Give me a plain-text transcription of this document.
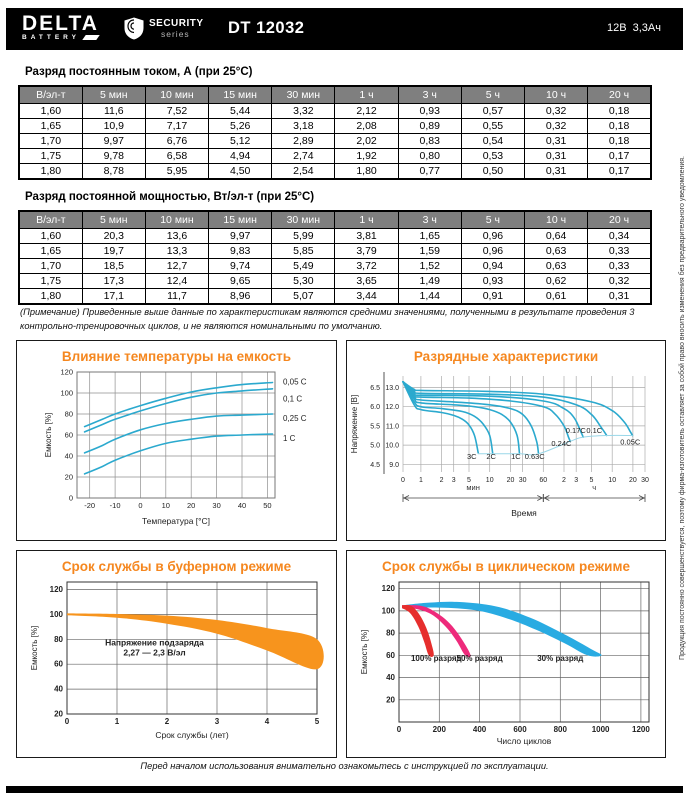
DELTA
BATTERY
SECURITY
series	DT 12032	12В  3,3Ач
Разряд постоянным током, А (при 25°C)
В/эл-т	5 мин	10 мин	15 мин	30 мин	1 ч	3 ч	5 ч	10 ч	20 ч
1,60	11,6	7,52	5,44	3,32	2,12	0,93	0,57	0,32	0,18
1,65	10,9	7,17	5,26	3,18	2,08	0,89	0,55	0,32	0,18
1,70	9,97	6,76	5,12	2,89	2,02	0,83	0,54	0,31	0,18
1,75	9,78	6,58	4,94	2,74	1,92	0,80	0,53	0,31	0,17
1,80	8,78	5,95	4,50	2,54	1,80	0,77	0,50	0,31	0,17
Разряд постоянной мощностью, Вт/эл-т (при 25°C)
В/эл-т	5 мин	10 мин	15 мин	30 мин	1 ч	3 ч	5 ч	10 ч	20 ч
1,60	20,3	13,6	9,97	5,99	3,81	1,65	0,96	0,64	0,34
1,65	19,7	13,3	9,83	5,85	3,79	1,59	0,96	0,63	0,33
1,70	18,5	12,7	9,74	5,49	3,72	1,52	0,94	0,63	0,33
1,75	17,3	12,4	9,65	5,30	3,65	1,49	0,93	0,62	0,32
1,80	17,1	11,7	8,96	5,07	3,44	1,44	0,91	0,61	0,31
(Примечание) Приведенные выше данные по характеристикам являются средними значениями, полученными в результате проведения 3 контрольно-тренировочных циклов, и не являются номинальными по умолчанию.
Влияние температуры на емкость
-20 -10 0	10 20 30 40 50
0
20
40
60
80
100
120
0,05 C
0,1 C
0,25 C
1 C
Температура [°C]
Емкость [%]
Разрядные характеристики
0 1 2 3 5 10 20 30 60 2 3 5 10 20 30
9.0
10.0
11.0
12.0
13.0
4.5
5.0
5.5
6.0
6.5
3C 2C 1C 0.63C
0.24C
0.17C 0.1C
0.05C
мин	ч
Время
Напряжение [В]
Срок службы в буферном режиме
0	1	2	3	4	5
20
40
60
80
100
120
Напряжение подзаряда
2,27 — 2,3 В/эл
Срок службы (лет)
Емкость [%]
Срок службы в циклическом режиме
0	200	400	600	800	1000	1200
20
40
60
80
100
120
100% разряд
50% разряд	30% разряд
Число циклов
Емкость [%]
Перед началом использования внимательно ознакомьтесь с инструкцией по эксплуатации.
Продукция постоянно совершенствуется, поэтому фирма-изготовитель оставляет за собой право вносить изменения без предварительного уведомления.
